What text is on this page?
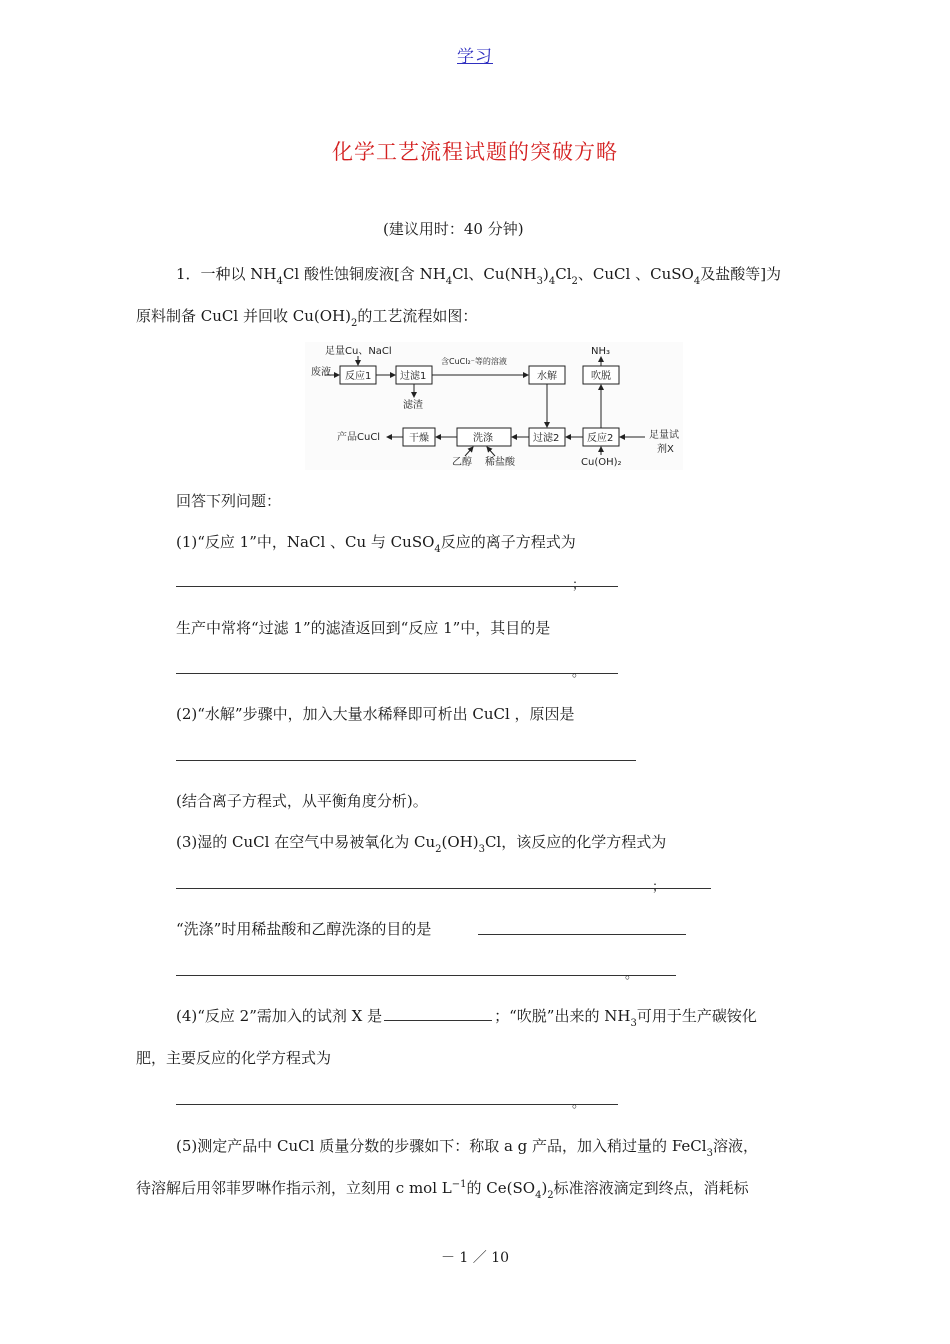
学习
化学工艺流程试题的突破方略
(建议用时：40 分钟)
1．一种以 $NH_4Cl$ 酸性蚀铜废液[含 $NH_4Cl$、$Cu(NH_3)_4Cl_2$、CuCl 、CuSO$_4$及盐酸等]为
原料制备 CuCl 并回收 $Cu(OH)_2$的工艺流程如图：
足量Cu、NaCl
废液 反应1	过滤1
滤渣
含CuCl₂⁻等的溶液
水解	吹脱
NH₃
产品CuCl	干燥	洗涤	过滤2	反应2	足量试
剂X
乙醇 稀盐酸	Cu(OH)₂
回答下列问题：
(1)“反应 1”中，NaCl 、Cu 与 CuSO$_4$反应的离子方程式为
；
生产中常将“过滤 1”的滤渣返回到“反应 1”中，其目的是
。
(2)“水解”步骤中，加入大量水稀释即可析出 CuCl ，原因是
(结合离子方程式，从平衡角度分析)。
(3)湿的 CuCl 在空气中易被氧化为 $Cu_2(OH)_3Cl$，该反应的化学方程式为
；
“洗涤”时用稀盐酸和乙醇洗涤的目的是
。
(4)“反应 2”需加入的试剂 X 是	；“吹脱”出来的 $NH_3$可用于生产碳铵化
肥，主要反应的化学方程式为
。
(5)测定产品中 CuCl 质量分数的步骤如下：称取 a g 产品，加入稍过量的 FeCl$_3$溶液，
待溶解后用邻菲罗啉作指示剂，立刻用 c mol $L^{-1}$的 $Ce(SO_4)_2$标准溶液滴定到终点，消耗标
－ 1 ／ 10
